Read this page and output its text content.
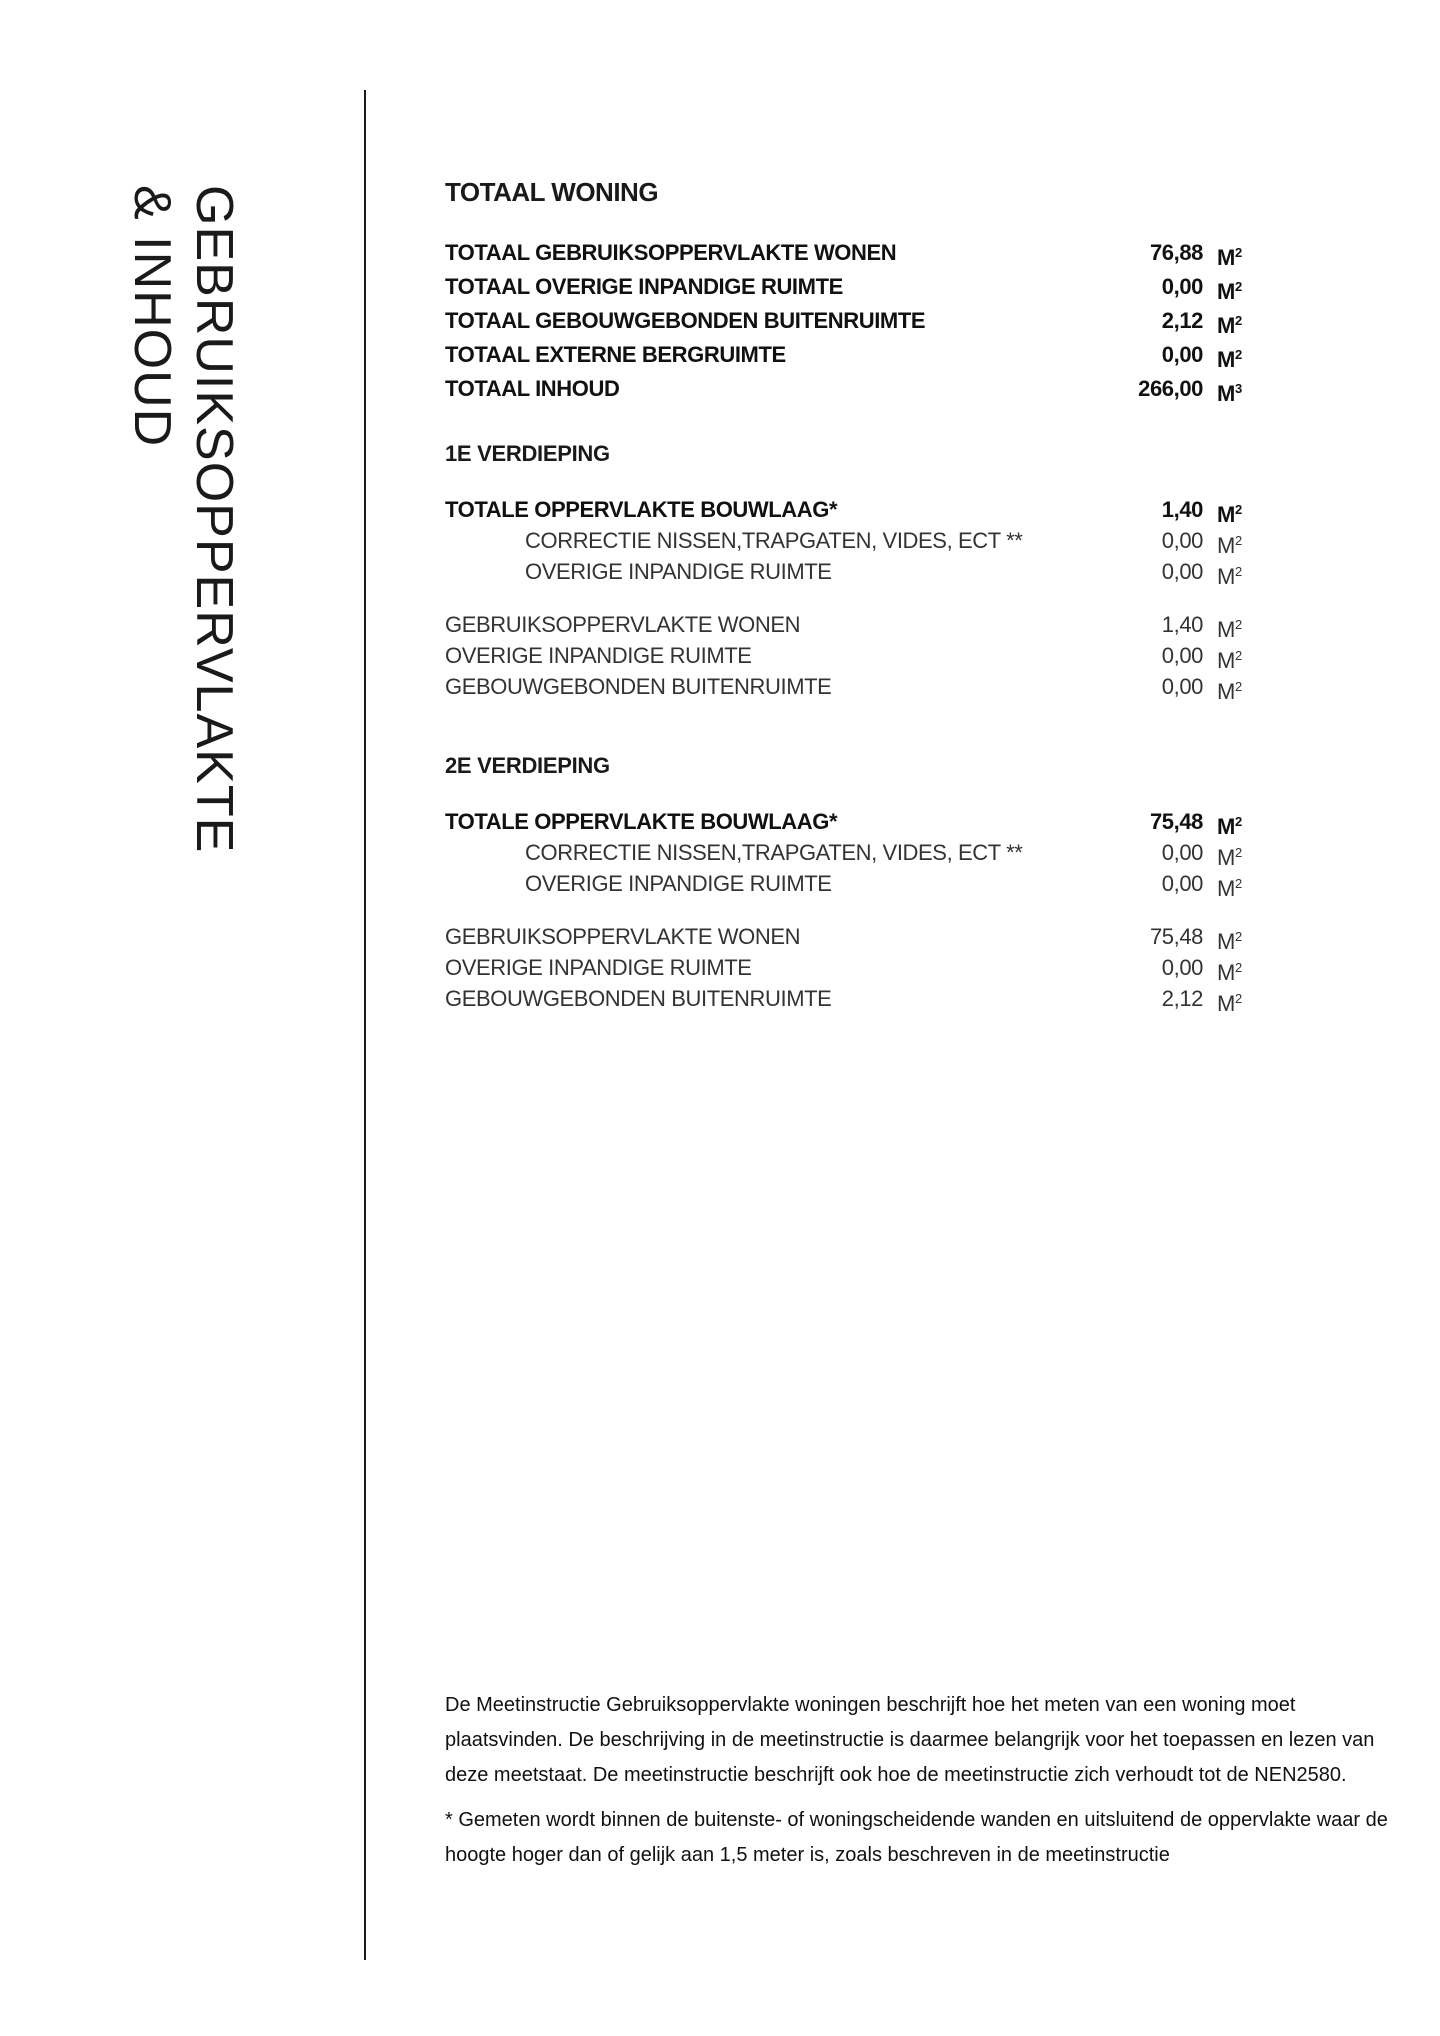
GEBRUIKSOPPERVLAKTE
& INHOUD	TOTAAL WONING
TOTAAL GEBRUIKSOPPERVLAKTE WONEN	76,88 $M^2$
TOTAAL OVERIGE INPANDIGE RUIMTE	0,00 $M^2$
TOTAAL GEBOUWGEBONDEN BUITENRUIMTE	2,12 $M^2$
TOTAAL EXTERNE BERGRUIMTE	0,00 $M^2$
TOTAAL INHOUD	266,00 $M^3$
1E VERDIEPING
TOTALE OPPERVLAKTE BOUWLAAG*	1,40 $M^2$
CORRECTIE NISSEN,TRAPGATEN, VIDES, ECT **	0,00 $M^2$
OVERIGE INPANDIGE RUIMTE	0,00 $M^2$
GEBRUIKSOPPERVLAKTE WONEN	1,40 $M^2$
OVERIGE INPANDIGE RUIMTE	0,00 $M^2$
GEBOUWGEBONDEN BUITENRUIMTE	0,00 $M^2$
2E VERDIEPING
TOTALE OPPERVLAKTE BOUWLAAG*	75,48 $M^2$
CORRECTIE NISSEN,TRAPGATEN, VIDES, ECT **	0,00 $M^2$
OVERIGE INPANDIGE RUIMTE	0,00 $M^2$
GEBRUIKSOPPERVLAKTE WONEN	75,48 $M^2$
OVERIGE INPANDIGE RUIMTE	0,00 $M^2$
GEBOUWGEBONDEN BUITENRUIMTE	2,12 $M^2$

De Meetinstructie Gebruiksoppervlakte woningen beschrijft hoe het meten van een woning moet plaatsvinden. De beschrijving in de meetinstructie is daarmee belangrijk voor het toepassen en lezen van deze meetstaat. De meetinstructie beschrijft ook hoe de meetinstructie zich verhoudt tot de NEN2580.

* Gemeten wordt binnen de buitenste- of woningscheidende wanden en uitsluitend de oppervlakte waar de hoogte hoger dan of gelijk aan 1,5 meter is, zoals beschreven in de meetinstructie
